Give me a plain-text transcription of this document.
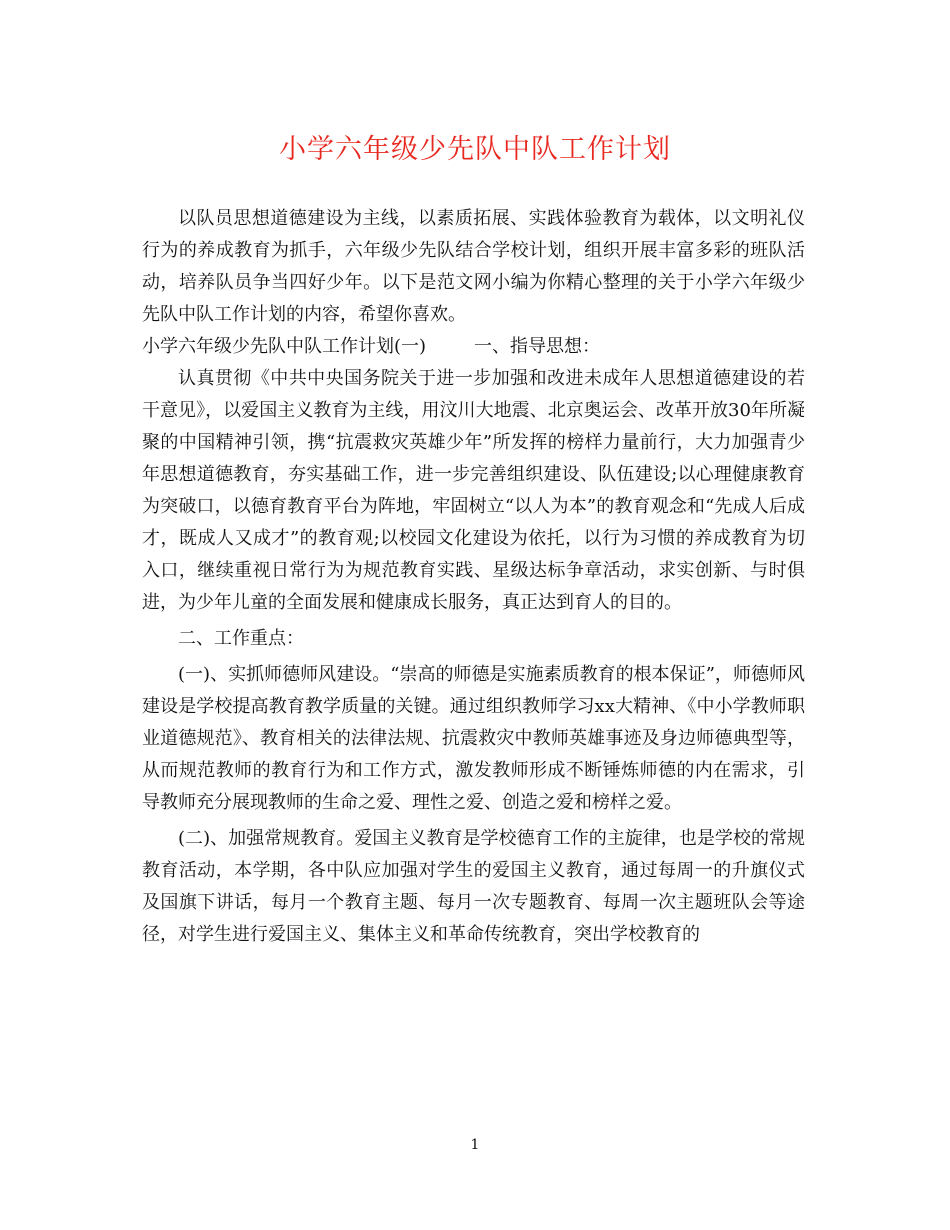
小学六年级少先队中队工作计划

以队员思想道德建设为主线，以素质拓展、实践体验教育为载体，以文明礼仪行为的养成教育为抓手，六年级少先队结合学校计划，组织开展丰富多彩的班队活动，培养队员争当四好少年。以下是范文网小编为你精心整理的关于小学六年级少先队中队工作计划的内容，希望你喜欢。

小学六年级少先队中队工作计划(一)	一、指导思想：

认真贯彻《中共中央国务院关于进一步加强和改进未成年人思想道德建设的若干意见》，以爱国主义教育为主线，用汶川大地震、北京奥运会、改革开放30年所凝聚的中国精神引领，携“抗震救灾英雄少年”所发挥的榜样力量前行，大力加强青少年思想道德教育，夯实基础工作，进一步完善组织建设、队伍建设;以心理健康教育为突破口，以德育教育平台为阵地，牢固树立“以人为本”的教育观念和“先成人后成才，既成人又成才”的教育观;以校园文化建设为依托，以行为习惯的养成教育为切入口，继续重视日常行为为规范教育实践、星级达标争章活动，求实创新、与时俱进，为少年儿童的全面发展和健康成长服务，真正达到育人的目的。

二、工作重点：

(一)、实抓师德师风建设。“崇高的师德是实施素质教育的根本保证”，师德师风建设是学校提高教育教学质量的关键。通过组织教师学习xx大精神、《中小学教师职业道德规范》、教育相关的法律法规、抗震救灾中教师英雄事迹及身边师德典型等，从而规范教师的教育行为和工作方式，激发教师形成不断锤炼师德的内在需求，引导教师充分展现教师的生命之爱、理性之爱、创造之爱和榜样之爱。

(二)、加强常规教育。爱国主义教育是学校德育工作的主旋律，也是学校的常规教育活动，本学期，各中队应加强对学生的爱国主义教育，通过每周一的升旗仪式及国旗下讲话，每月一个教育主题、每月一次专题教育、每周一次主题班队会等途径，对学生进行爱国主义、集体主义和革命传统教育，突出学校教育的

1
